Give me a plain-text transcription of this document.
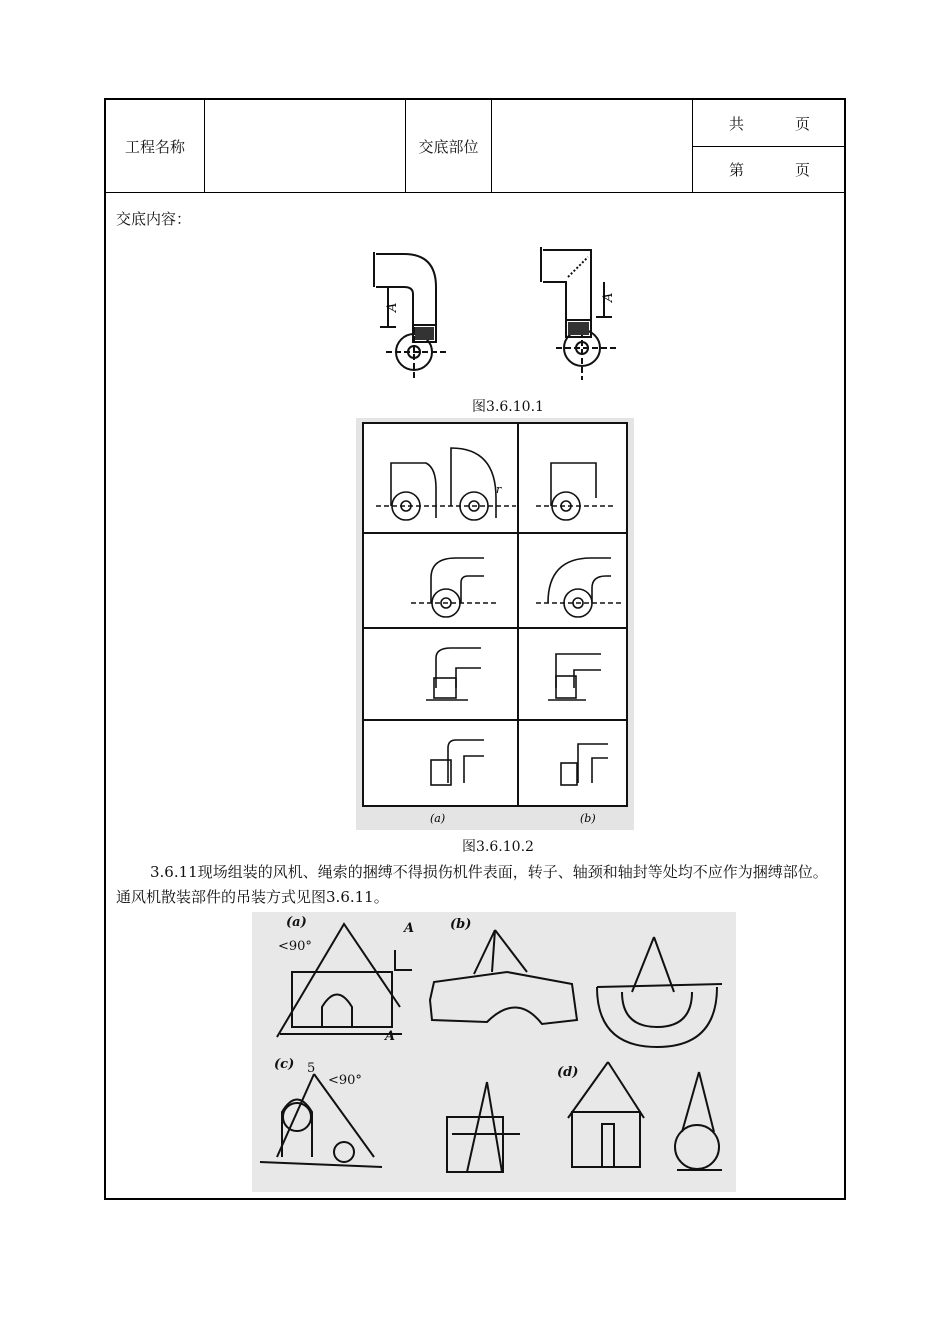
工程名称	交底部位
共	页
第	页
交底内容：
A
A
图3.6.10.1
r
(a)	(b)
图3.6.10.2
3.6.11现场组装的风机、绳索的捆缚不得损伤机件表面，转子、轴颈和轴封等处均不应作为捆缚部位。通风机散装部件的吊装方式见图3.6.11。
(a)	(b)
(c)
(d)
A
A
<90°
<90°
5
